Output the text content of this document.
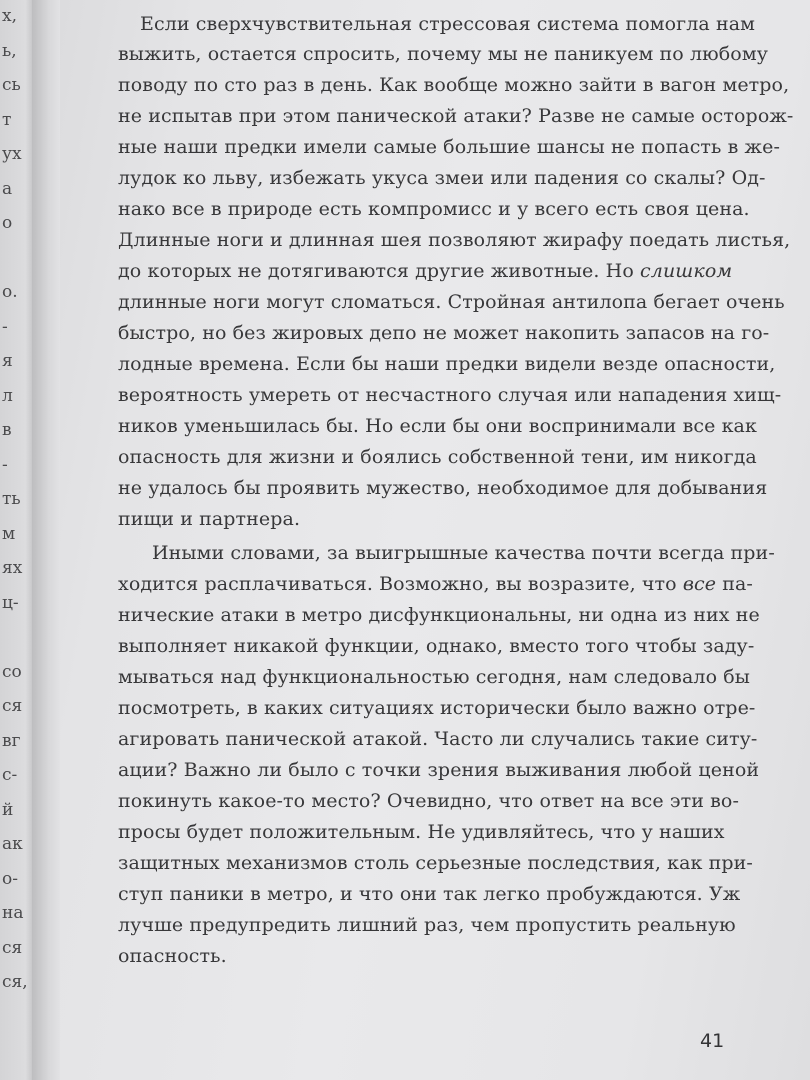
х,
ь,
сь
т
ух
а
о
о.
-
я
л
в
-
ть
м
ях
ц-
со
ся
вг
с-
й
ак
о-
на
ся
ся,
Если сверхчувствительная стрессовая система помогла нам
выжить, остается спросить, почему мы не паникуем по любому
поводу по сто раз в день. Как вообще можно зайти в вагон метро,
не испытав при этом панической атаки? Разве не самые осторож-
ные наши предки имели самые большие шансы не попасть в же-
лудок ко льву, избежать укуса змеи или падения со скалы? Од-
нако все в природе есть компромисс и у всего есть своя цена.
Длинные ноги и длинная шея позволяют жирафу поедать листья,
до которых не дотягиваются другие животные. Но слишком
длинные ноги могут сломаться. Стройная антилопа бегает очень
быстро, но без жировых депо не может накопить запасов на го-
лодные времена. Если бы наши предки видели везде опасности,
вероятность умереть от несчастного случая или нападения хищ-
ников уменьшилась бы. Но если бы они воспринимали все как
опасность для жизни и боялись собственной тени, им никогда
не удалось бы проявить мужество, необходимое для добывания
пищи и партнера.
Иными словами, за выигрышные качества почти всегда при-
ходится расплачиваться. Возможно, вы возразите, что все па-
нические атаки в метро дисфункциональны, ни одна из них не
выполняет никакой функции, однако, вместо того чтобы заду-
мываться над функциональностью сегодня, нам следовало бы
посмотреть, в каких ситуациях исторически было важно отре-
агировать панической атакой. Часто ли случались такие ситу-
ации? Важно ли было с точки зрения выживания любой ценой
покинуть какое-то место? Очевидно, что ответ на все эти во-
просы будет положительным. Не удивляйтесь, что у наших
защитных механизмов столь серьезные последствия, как при-
ступ паники в метро, и что они так легко пробуждаются. Уж
лучше предупредить лишний раз, чем пропустить реальную
опасность.
41
